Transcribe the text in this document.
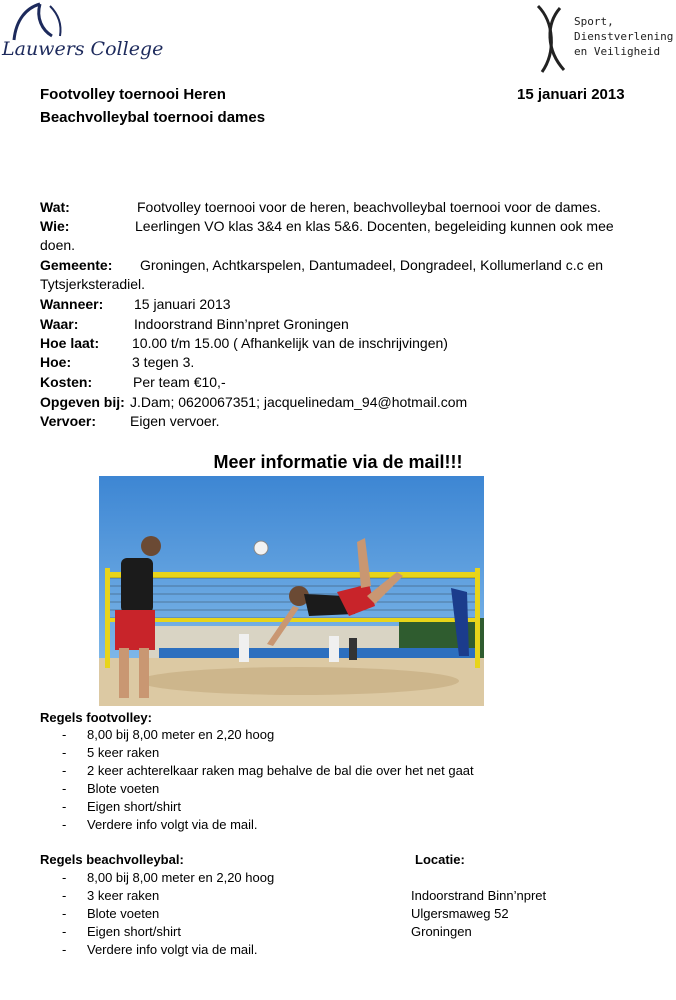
Lauwers College
Sport,
Dienstverlening
en Veiligheid
Footvolley toernooi Heren
Beachvolleybal toernooi dames
15 januari 2013
Wat:	Footvolley toernooi voor de heren, beachvolleybal toernooi voor de dames.
Wie:	Leerlingen VO klas 3&4 en klas 5&6. Docenten, begeleiding kunnen ook mee
doen.
Gemeente: Groningen, Achtkarspelen, Dantumadeel, Dongradeel, Kollumerland c.c en
Tytsjerksteradiel.
Wanneer: 15 januari 2013
Waar:	Indoorstrand Binn’npret Groningen
Hoe laat: 10.00 t/m 15.00 ( Afhankelijk van de inschrijvingen)
Hoe:	3 tegen 3.
Kosten:	Per team €10,-
Opgeven bij: J.Dam; 0620067351; jacquelinedam_94@hotmail.com
Vervoer: Eigen vervoer.
Meer informatie via de mail!!!
Regels footvolley:
- 8,00 bij 8,00 meter en 2,20 hoog
- 5 keer raken
- 2 keer achterelkaar raken mag behalve de bal die over het net gaat
- Blote voeten
- Eigen short/shirt
- Verdere info volgt via de mail.
Regels beachvolleybal:
- 8,00 bij 8,00 meter en 2,20 hoog
- 3 keer raken
- Blote voeten
- Eigen short/shirt
- Verdere info volgt via de mail.
Locatie:
Indoorstrand Binn’npret
Ulgersmaweg 52
Groningen
